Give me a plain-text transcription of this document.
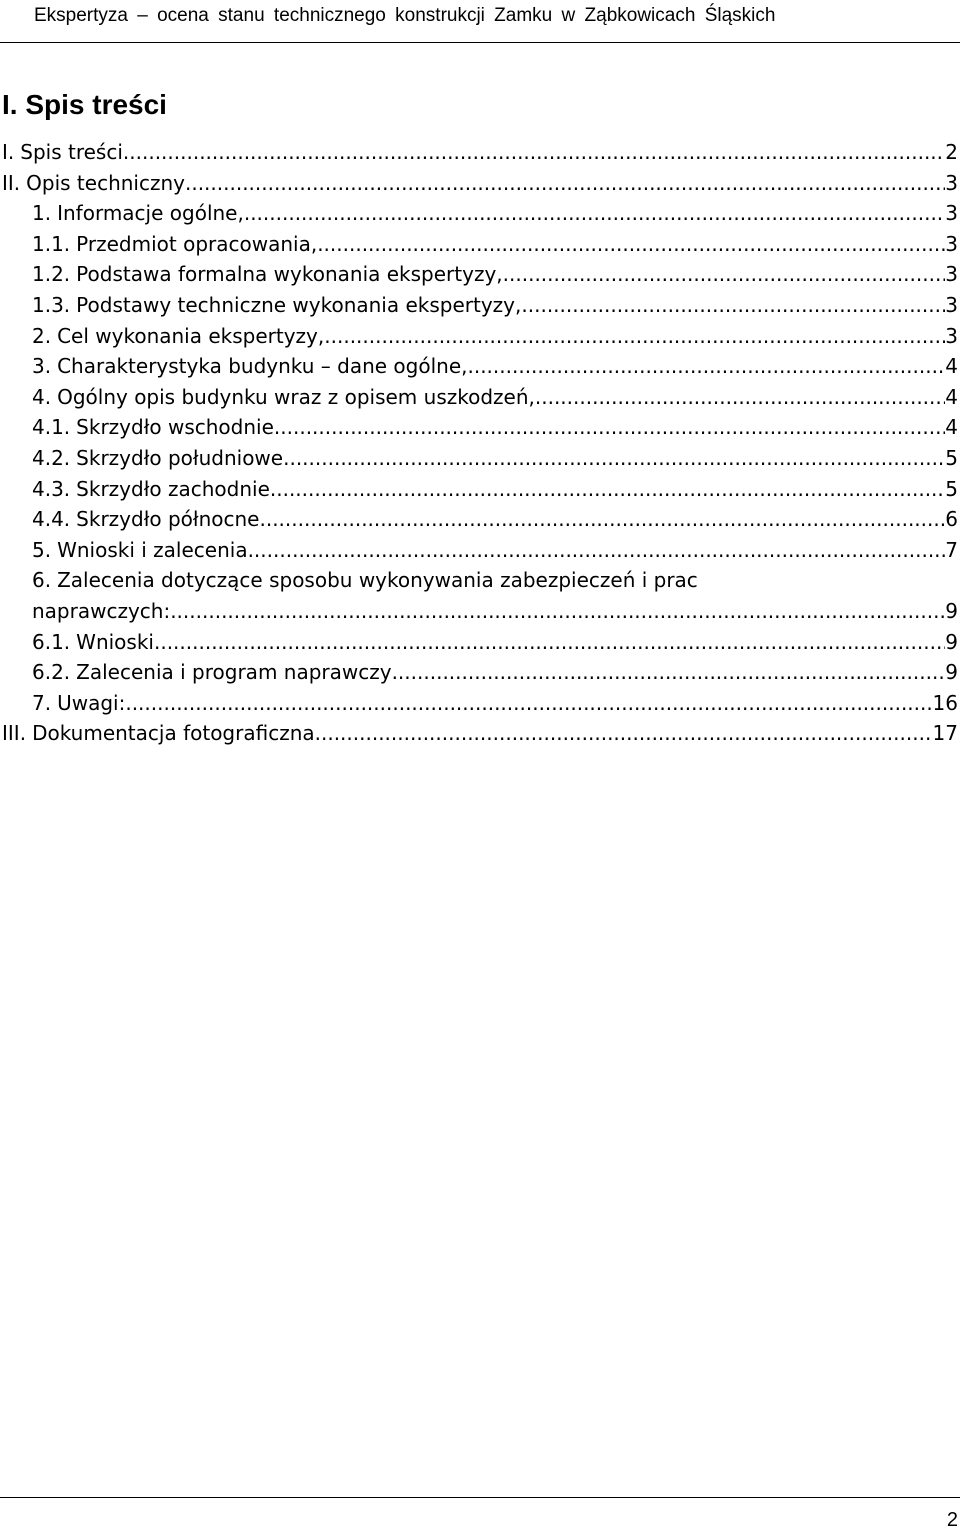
Ekspertyza – ocena stanu technicznego konstrukcji Zamku w Ząbkowicach Śląskich
I. Spis treści
I. Spis treści .....	2
II. Opis techniczny .....	3
1. Informacje ogólne, .....	3
1.1. Przedmiot opracowania, .....	3
1.2. Podstawa formalna wykonania ekspertyzy, .....	3
1.3. Podstawy techniczne wykonania ekspertyzy, .....	3
2. Cel wykonania ekspertyzy, .....	3
3. Charakterystyka budynku – dane ogólne, .....	4
4. Ogólny opis budynku wraz z opisem uszkodzeń, .....	4
4.1. Skrzydło wschodnie .....	4
4.2. Skrzydło południowe .....	5
4.3. Skrzydło zachodnie .....	5
4.4. Skrzydło północne .....	6
5. Wnioski i zalecenia .....	7
6. Zalecenia dotyczące sposobu wykonywania zabezpieczeń i prac
naprawczych: .....	9
6.1. Wnioski .....	9
6.2. Zalecenia i program naprawczy .....	9
7. Uwagi: .....	16
III. Dokumentacja fotograficzna .....	17
2
